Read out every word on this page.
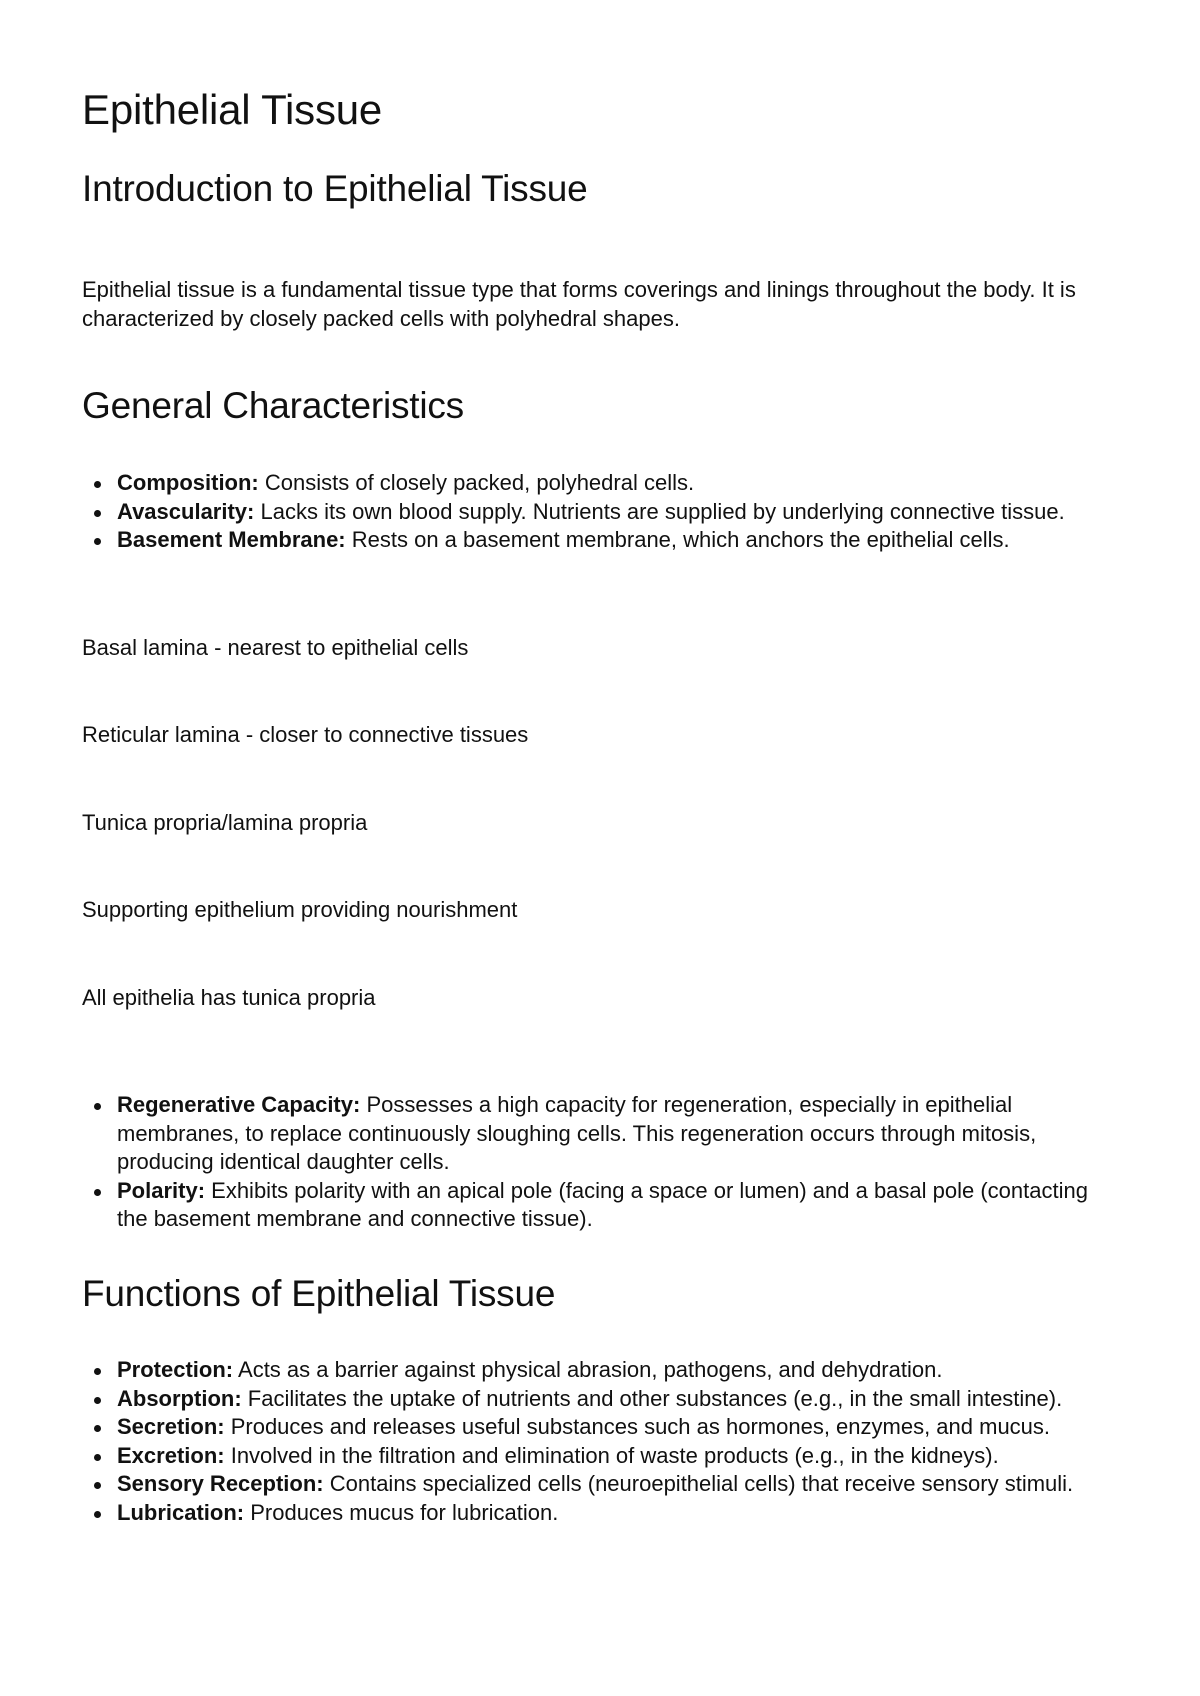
Epithelial Tissue
Introduction to Epithelial Tissue

Epithelial tissue is a fundamental tissue type that forms coverings and linings throughout the body. It is characterized by closely packed cells with polyhedral shapes.

General Characteristics
Composition: Consists of closely packed, polyhedral cells.
Avascularity: Lacks its own blood supply. Nutrients are supplied by underlying connective tissue.
Basement Membrane: Rests on a basement membrane, which anchors the epithelial cells.
Basal lamina - nearest to epithelial cells
Reticular lamina - closer to connective tissues
Tunica propria/lamina propria
Supporting epithelium providing nourishment
All epithelia has tunica propria
Regenerative Capacity: Possesses a high capacity for regeneration, especially in epithelial membranes, to replace continuously sloughing cells. This regeneration occurs through mitosis, producing identical daughter cells.
Polarity: Exhibits polarity with an apical pole (facing a space or lumen) and a basal pole (contacting the basement membrane and connective tissue).
Functions of Epithelial Tissue
Protection: Acts as a barrier against physical abrasion, pathogens, and dehydration.
Absorption: Facilitates the uptake of nutrients and other substances (e.g., in the small intestine).
Secretion: Produces and releases useful substances such as hormones, enzymes, and mucus.
Excretion: Involved in the filtration and elimination of waste products (e.g., in the kidneys).
Sensory Reception: Contains specialized cells (neuroepithelial cells) that receive sensory stimuli.
Lubrication: Produces mucus for lubrication.
